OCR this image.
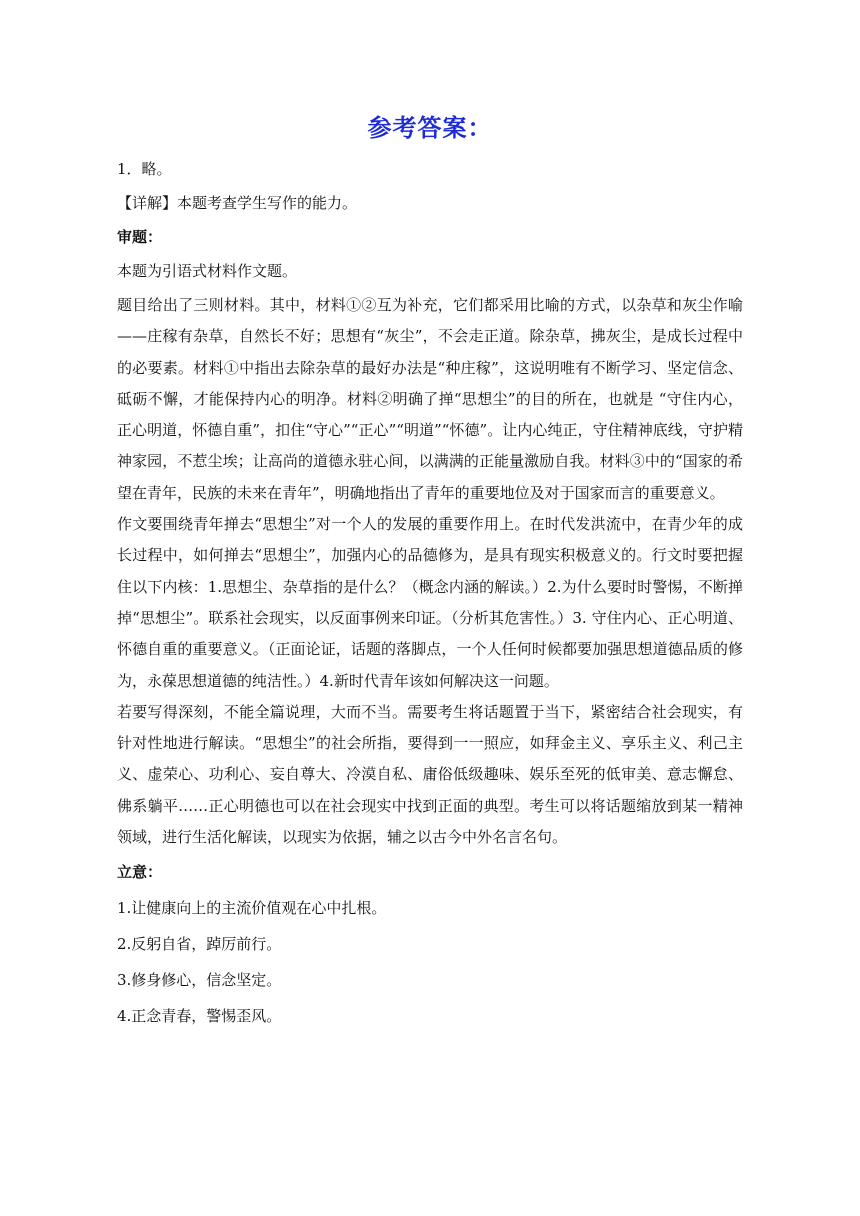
参考答案：

1．略。

【详解】本题考查学生写作的能力。

审题：

本题为引语式材料作文题。

题目给出了三则材料。其中，材料①②互为补充，它们都采用比喻的方式，以杂草和灰尘作喻——庄稼有杂草，自然长不好；思想有“灰尘”，不会走正道。除杂草，拂灰尘，是成长过程中的必要素。材料①中指出去除杂草的最好办法是“种庄稼”，这说明唯有不断学习、坚定信念、砥砺不懈，才能保持内心的明净。材料②明确了掸“思想尘”的目的所在，也就是 “守住内心，正心明道，怀德自重”，扣住“守心”“正心”“明道”“怀德”。让内心纯正，守住精神底线，守护精神家园，不惹尘埃；让高尚的道德永驻心间，以满满的正能量激励自我。材料③中的“国家的希望在青年，民族的未来在青年”，明确地指出了青年的重要地位及对于国家而言的重要意义。

作文要围绕青年掸去“思想尘”对一个人的发展的重要作用上。在时代发洪流中，在青少年的成长过程中，如何掸去“思想尘”，加强内心的品德修为，是具有现实积极意义的。行文时要把握住以下内核：1.思想尘、杂草指的是什么？（概念内涵的解读。）2.为什么要时时警惕，不断掸掉“思想尘”。联系社会现实，以反面事例来印证。（分析其危害性。）3. 守住内心、正心明道、怀德自重的重要意义。（正面论证，话题的落脚点，一个人任何时候都要加强思想道德品质的修为，永葆思想道德的纯洁性。）4.新时代青年该如何解决这一问题。

若要写得深刻，不能全篇说理，大而不当。需要考生将话题置于当下，紧密结合社会现实，有针对性地进行解读。“思想尘”的社会所指，要得到一一照应，如拜金主义、享乐主义、利己主义、虚荣心、功利心、妄自尊大、冷漠自私、庸俗低级趣味、娱乐至死的低审美、意志懈怠、佛系躺平……正心明德也可以在社会现实中找到正面的典型。考生可以将话题缩放到某一精神领域，进行生活化解读，以现实为依据，辅之以古今中外名言名句。

立意：

1.让健康向上的主流价值观在心中扎根。

2.反躬自省，踔厉前行。

3.修身修心，信念坚定。

4.正念青春，警惕歪风。
